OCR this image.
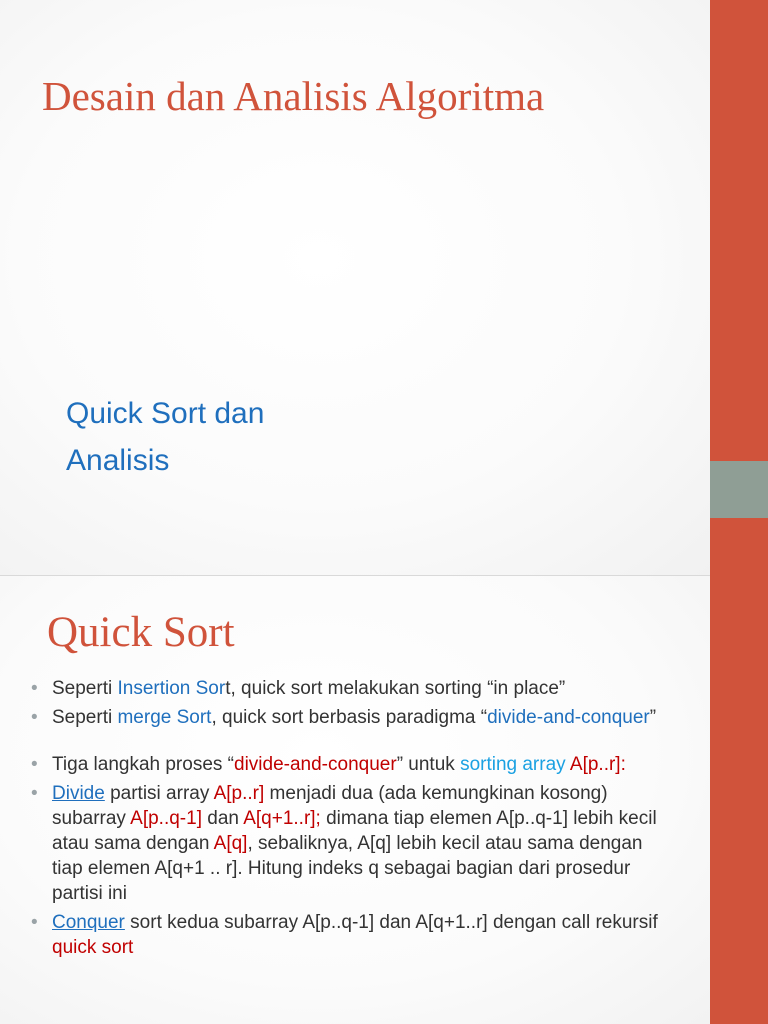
Desain dan Analisis Algoritma
Quick Sort dan
Analisis
Quick Sort
• Seperti Insertion Sort, quick sort melakukan sorting “in place”
• Seperti merge Sort, quick sort berbasis paradigma “divide-and-conquer”
• Tiga langkah proses “divide-and-conquer” untuk sorting array A[p..r]:
• Divide partisi array A[p..r] menjadi dua (ada kemungkinan kosong) subarray A[p..q-1] dan A[q+1..r]; dimana tiap elemen A[p..q-1] lebih kecil atau sama dengan A[q], sebaliknya, A[q] lebih kecil atau sama dengan tiap elemen A[q+1 .. r]. Hitung indeks q sebagai bagian dari prosedur partisi ini
• Conquer sort kedua subarray A[p..q-1] dan A[q+1..r] dengan call rekursif quick sort
